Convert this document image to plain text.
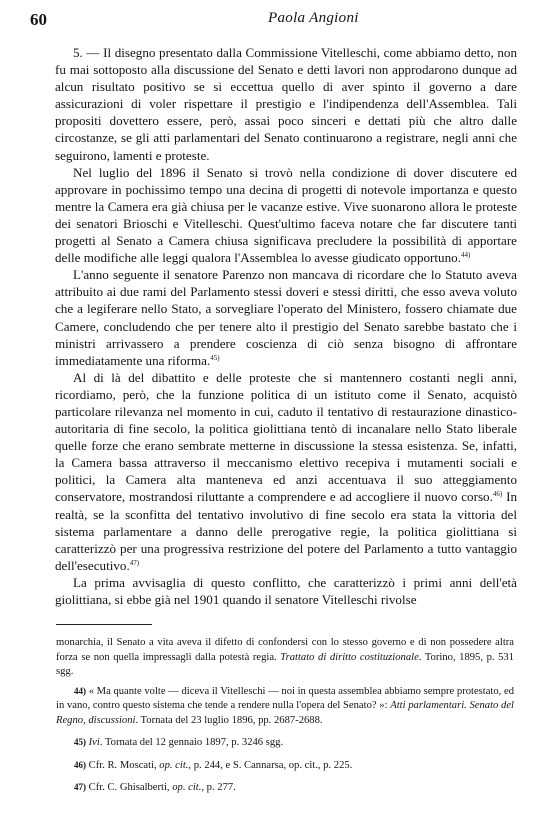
60	Paola Angioni

5. — Il disegno presentato dalla Commissione Vitelleschi, come abbiamo detto, non fu mai sottoposto alla discussione del Senato e detti lavori non approdarono dunque ad alcun risultato positivo se si eccettua quello di aver spinto il governo a dare assicurazioni di voler rispettare il prestigio e l'indipendenza dell'Assemblea. Tali propositi dovettero essere, però, assai poco sinceri e dettati più che altro dalle circostanze, se gli atti parlamentari del Senato continuarono a registrare, negli anni che seguirono, lamenti e proteste.

Nel luglio del 1896 il Senato si trovò nella condizione di dover discutere ed approvare in pochissimo tempo una decina di progetti di notevole importanza e questo mentre la Camera era già chiusa per le vacanze estive. Vive suonarono allora le proteste dei senatori Brioschi e Vitelleschi. Quest'ultimo faceva notare che far discutere tanti progetti al Senato a Camera chiusa significava precludere la possibilità di apportare delle modifiche alle leggi qualora l'Assemblea lo avesse giudicato opportuno.$^{44)}$

L'anno seguente il senatore Parenzo non mancava di ricordare che lo Statuto aveva attribuito ai due rami del Parlamento stessi doveri e stessi diritti, che esso aveva voluto che a legiferare nello Stato, a sorvegliare l'operato del Ministero, fossero chiamate due Camere, concludendo che per tenere alto il prestigio del Senato sarebbe bastato che i ministri arrivassero a prendere coscienza di ciò senza bisogno di affrontare immediatamente una riforma.$^{45)}$

Al di là del dibattito e delle proteste che si mantennero costanti negli anni, ricordiamo, però, che la funzione politica di un istituto come il Senato, acquistò particolare rilevanza nel momento in cui, caduto il tentativo di restaurazione dinastico-autoritaria di fine secolo, la politica giolittiana tentò di incanalare nello Stato liberale quelle forze che erano sembrate metterne in discussione la stessa esistenza. Se, infatti, la Camera bassa attraverso il meccanismo elettivo recepiva i mutamenti sociali e politici, la Camera alta manteneva ed anzi accentuava il suo atteggiamento conservatore, mostrandosi riluttante a comprendere e ad accogliere il nuovo corso.$^{46)}$ In realtà, se la sconfitta del tentativo involutivo di fine secolo era stata la vittoria del sistema parlamentare a danno delle prerogative regie, la politica giolittiana si caratterizzò per una progressiva restrizione del potere del Parlamento a tutto vantaggio dell'esecutivo.$^{47)}$

La prima avvisaglia di questo conflitto, che caratterizzò i primi anni dell'età giolittiana, si ebbe già nel 1901 quando il senatore Vitelleschi rivolse

monarchia, il Senato a vita aveva il difetto di confondersi con lo stesso governo e di non possedere altra forza se non quella impressagli dalla potestà regia. Trattato di diritto costituzionale. Torino, 1895, p. 531 sgg.

44) « Ma quante volte — diceva il Vitelleschi — noi in questa assemblea abbiamo sempre protestato, ed in vano, contro questo sistema che tende a rendere nulla l'opera del Senato? »: Atti parlamentari. Senato del Regno, discussioni. Tornata del 23 luglio 1896, pp. 2687-2688.

45) Ivi. Tornata del 12 gennaio 1897, p. 3246 sgg.

46) Cfr. R. Moscati, op. cit., p. 244, e S. Cannarsa, op. cit., p. 225.

47) Cfr. C. Ghisalberti, op. cit., p. 277.
